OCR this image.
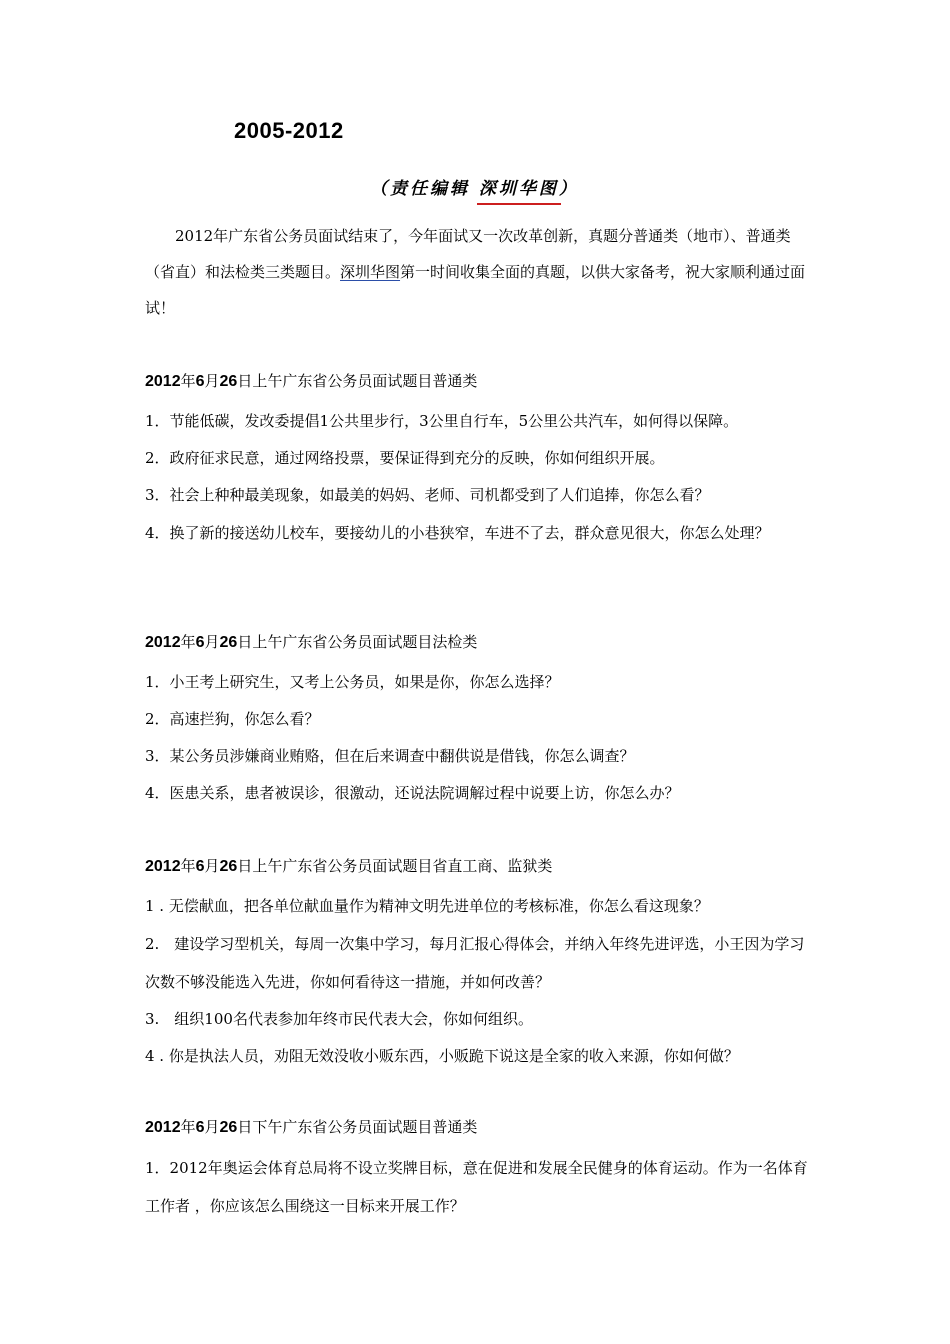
2005-2012
（责任编辑 深圳华图）

2012年广东省公务员面试结束了，今年面试又一次改革创新，真题分普通类（地市）、普通类（省直）和法检类三类题目。深圳华图第一时间收集全面的真题，以供大家备考，祝大家顺利通过面试！

2012年6月26日上午广东省公务员面试题目普通类

1．节能低碳，发改委提倡1公共里步行，3公里自行车，5公里公共汽车，如何得以保障。

2．政府征求民意，通过网络投票，要保证得到充分的反映，你如何组织开展。

3．社会上种种最美现象，如最美的妈妈、老师、司机都受到了人们追捧，你怎么看？

4．换了新的接送幼儿校车，要接幼儿的小巷狭窄，车进不了去，群众意见很大，你怎么处理？

2012年6月26日上午广东省公务员面试题目法检类

1．小王考上研究生，又考上公务员，如果是你，你怎么选择？

2．高速拦狗，你怎么看？

3．某公务员涉嫌商业贿赂，但在后来调查中翻供说是借钱，你怎么调查？

4．医患关系，患者被误诊，很激动，还说法院调解过程中说要上访，你怎么办？

2012年6月26日上午广东省公务员面试题目省直工商、监狱类

1 . 无偿献血，把各单位献血量作为精神文明先进单位的考核标准，你怎么看这现象？

2.　建设学习型机关，每周一次集中学习，每月汇报心得体会，并纳入年终先进评选，小王因为学习次数不够没能选入先进，你如何看待这一措施，并如何改善？

3.　组织100名代表参加年终市民代表大会，你如何组织。

4 . 你是执法人员，劝阻无效没收小贩东西，小贩跪下说这是全家的收入来源，你如何做？

2012年6月26日下午广东省公务员面试题目普通类

1．2012年奥运会体育总局将不设立奖牌目标，意在促进和发展全民健身的体育运动。作为一名体育工作者 ，你应该怎么围绕这一目标来开展工作？
